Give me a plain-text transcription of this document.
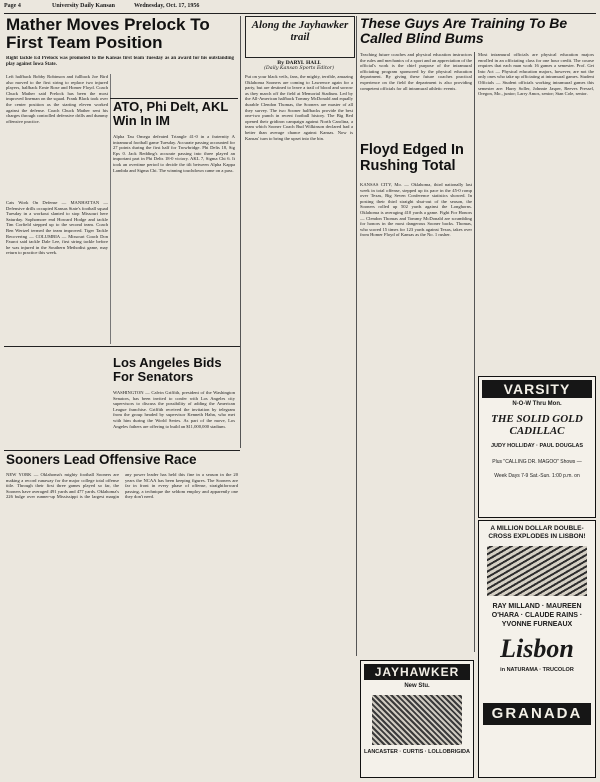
Page 4	University Daily Kansan	Wednesday, Oct. 17, 1956
Mather Moves Prelock To First Team Position
Right tackle Ed Prelock was promoted to the Kansas first team Tuesday as an award for his outstanding play against Iowa State.
Left halfback Bobby Robinson and fullback Joe Bird also moved to the first string to replace two injured players, halfback Ernie Rose and Homer Floyd. Coach Chuck Mather said Prelock has been the most improved lineman on the squad. Frank Black took over the center position as the starting eleven worked against the defense. Coach Chuck Mather sent his charges through controlled defensive drills and dummy offensive practice.
ATO, Phi Delt, AKL Win In IM
Alpha Tau Omega defeated Triangle 41-0 in a fraternity A intramural football game Tuesday. Accurate passing accounted for 27 points during the first half for Trowbridge. Phi Delts 18, Sig Eps 0. Jack Redding's accurate passing into three played an important part in Phi Delts 18-0 victory. AKL 7, Sigma Chi 6. It took an overtime period to decide the tilt between Alpha Kappa Lambda and Sigma Chi. The winning touchdown came on a pass.
Cats Work On Defense — MANHATTAN — Defensive drills occupied Kansas State's football squad Tuesday in a workout slanted to stop Missouri here Saturday. Sophomore end Howard Hodge and tackle Tim Corfield stepped up to the second team. Coach Ben Wertzel termed the team improved. Tiger Tackle Recovering — COLUMBIA — Missouri Coach Don Faurot said tackle Dale Lee, first string tackle before he was injured in the Southern Methodist game, may return to practice this week.
Los Angeles Bids For Senators
WASHINGTON — Calvin Griffith, president of the Washington Senators, has been invited to confer with Los Angeles city supervisors to discuss the possibility of adding the American League franchise. Griffith received the invitation by telegram from the group headed by supervisor Kenneth Hahn, who met with him during the World Series. As part of the move, Los Angeles fathers are offering to build an $11,000,000 stadium.
Sooners Lead Offensive Race
NEW YORK — Oklahoma's mighty football Sooners are making a record runaway for the major college total offense title. Through their first three games played so far, the Sooners have averaged 491 yards and 477 yards. Oklahoma's 226 bulge over runner-up Mississippi is the largest margin any power leader has held this fine in a season in the 20 years the NCAA has been keeping figures. The Sooners are far in front in every phase of offense, straightforward passing, a technique the seldom employ and apparently one they don't need.
Along the Jayhawker trail
By DARYL HALL
(Daily Kansan Sports Editor)
Put on your black veils, fans, the mighty, terrible, amazing Oklahoma Sooners are coming to Lawrence again for a party, but are destined to leave a trail of blood and sorrow as they march off the field at Memorial Stadium. Led by the All-American halfback Tommy McDonald and equally durable Clendon Thomas, the Sooners are master of all they survey. The two Sooner halfbacks provide the best one-two punch in recent football history. The Big Red opened their gridiron campaign against North Carolina, a team which Sooner Coach Bud Wilkinson declared had a better than average chance against Kansas. Now is Kansas' turn to bring the upset into the bin.
These Guys Are Training To Be Called Blind Bums
Teaching future coaches and physical education instructors the rules and mechanics of a sport and an appreciation of the official's work is the chief purpose of the intramural officiating program sponsored by the physical education department. By giving these future coaches practical experience on the field the department is also providing competent officials for all intramural athletic events.
Most intramural officials are physical education majors enrolled in an officiating class for one hour credit. The course requires that each man work 16 games a semester. Prof. Get Into Act — Physical education majors, however, are not the only ones who take up officiating at intramural games. Student Officials — Student officials working intramural games this semester are: Harry Soller, Johnnie Jasper, Reeves Pressel, Oregon, Mo., junior; Larry Amos, senior; Stan Cole, senior.
Floyd Edged In Rushing Total
KANSAS CITY, Mo. — Oklahoma, third nationally last week in total offense, stepped up its pace in the 45-0 romp over Texas, Big Seven Conference statistics showed. In posting their third straight shut-out of the season, the Sooners rolled up 502 yards against the Longhorns. Oklahoma is averaging 410 yards a game. Fight For Honors — Clendon Thomas and Tommy McDonald are scrambling for honors in the most dangerous Sooner backs. Thomas, who scored 15 times for 123 yards against Texas, takes over from Homer Floyd of Kansas as the No. 1 rusher.
VARSITY
N-O-W Thru Mon.
THE SOLID GOLD CADILLAC
JUDY HOLLIDAY · PAUL DOUGLAS
Plus "CALLING DR. MAGOO" Shows —
Week Days 7-9 Sat.-Sun. 1:00 p.m. on
JAYHAWKER
New Stu.
LANCASTER · CURTIS · LOLLOBRIGIDA
A MILLION DOLLAR DOUBLE-CROSS EXPLODES IN LISBON!
RAY MILLAND · MAUREEN O'HARA · CLAUDE RAINS · YVONNE FURNEAUX
Lisbon
in NATURAMA · TRUCOLOR
GRANADA
